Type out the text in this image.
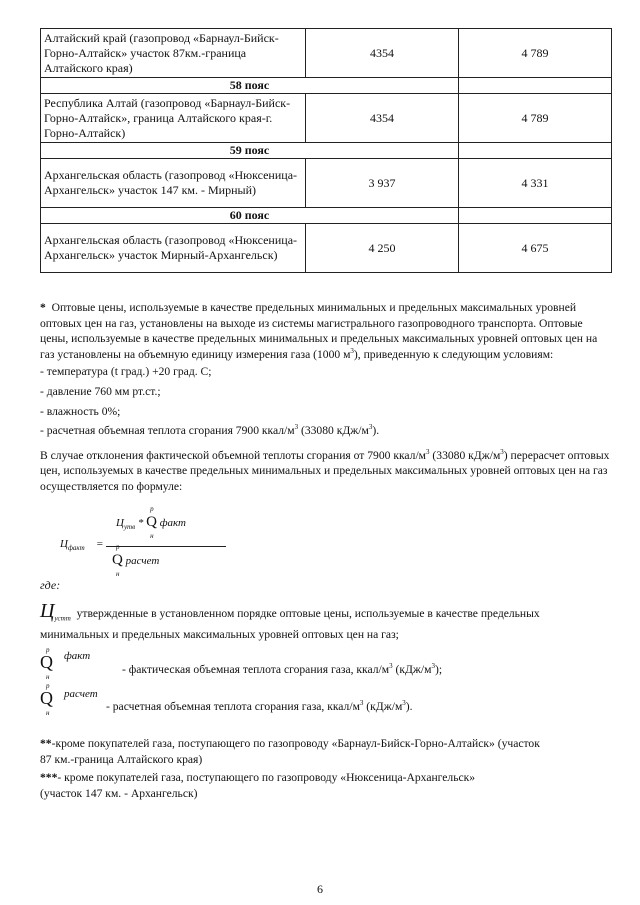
Алтайский край (газопровод «Барнаул-Бийск-Горно-Алтайск» участок 87км.-граница Алтайского края)	4354	4 789
58 пояс		
Республика Алтай (газопровод «Барнаул-Бийск-Горно-Алтайск», граница Алтайского края-г. Горно-Алтайск)	4354	4 789
59 пояс		
Архангельская область (газопровод «Нюксеница-Архангельск» участок 147 км. - Мирный)	3 937	4 331
60 пояс		
Архангельская область (газопровод «Нюксеница-Архангельск» участок Мирный-Архангельск)	4 250	4 675

* Оптовые цены, используемые в качестве предельных минимальных и предельных максимальных уровней оптовых цен на газ, установлены на выходе из системы магистрального газопроводного транспорта. Оптовые цены, используемые в качестве предельных минимальных и предельных максимальных уровней оптовых цен на газ установлены на объемную единицу измерения газа (1000 $м^3$), приведенную к следующим условиям:

- температура (t град.) +20 град. С;

- давление 760 мм рт.ст.;

- влажность 0%;

- расчетная объемная теплота сгорания 7900 ккал/$м^3$ (33080 кДж/$м^3$).

В случае отклонения фактической объемной теплоты сгорания от 7900 ккал/$м^3$ (33080 кДж/$м^3$) перерасчет оптовых цен, используемых в качестве предельных минимальных и предельных максимальных уровней оптовых цен на газ осуществляется по формуле:

$Ц_{факт}$ =
$Ц_{утв}$ *
р
Q
н
факт
р
Q
н
расчет
где:
$Ц_{устт}$ утвержденные в установленном порядке оптовые цены, используемые в качестве предельных минимальных и предельных максимальных уровней оптовых цен на газ;
р
Q
н
факт
- фактическая объемная теплота сгорания газа, ккал/$м^3$ $(кДж/м^3)$;
р
Q
н
расчет
- расчетная объемная теплота сгорания газа, ккал/$м^3$ $(кДж/м^3)$.

**-кроме покупателей газа, поступающего по газопроводу «Барнаул-Бийск-Горно-Алтайск» (участок 87 км.-граница Алтайского края)

***- кроме покупателей газа, поступающего по газопроводу «Нюксеница-Архангельск» (участок 147 км. - Архангельск)

6
